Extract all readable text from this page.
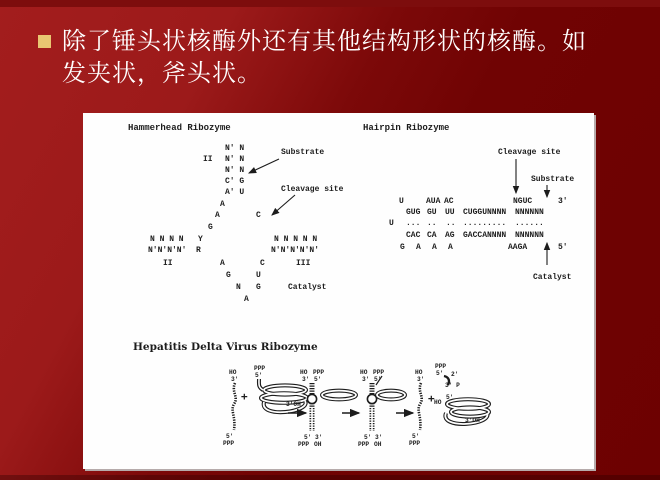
除了锤头状核酶外还有其他结构形状的核酶。如
发夹状，斧头状。
Hammerhead Ribozyme
II
N' N
N' N
N' N
C' G
A' U
A
A	C
G
N N N N Y
N'N'N'N' R
N N N N N
N'N'N'N'N'
II	A	C	III
G	U
N G	Catalyst
A
Substrate
Cleavage site
Hairpin Ribozyme
Cleavage site
Substrate
U	AUA AC	NGUC	3'
GUG GU UU CUGGUNNNN NNNNNN
U ... .. .. ......... ......
CAC CA AG GACCANNNN NNNNNN
G A A A	AAGA	5'
Catalyst
Hepatitis Delta Virus Ribozyme
HO
3'
5'
PPP
+
PPP
5'
3'OH
HO PPP
3' 5'
5' 3'
PPP OH
HO PPP
3' 5'
5' 3'
PPP OH
HO
3'
5'
PPP
+
PPP
5' 2'
3' P
5'
HO
3'OH
